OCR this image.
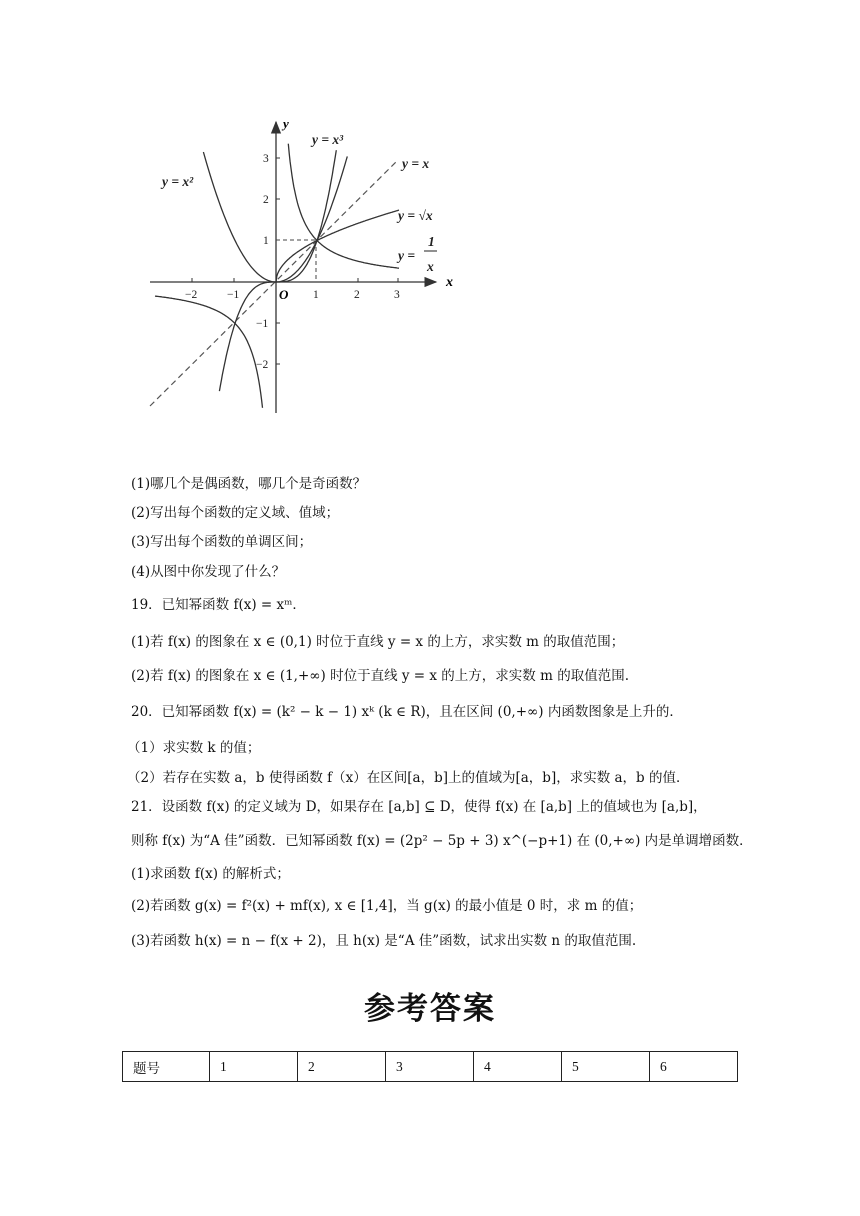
y
x
O
−2	−1	1	2	3
3
2
1
−1
−2
y = x²
y = x³
y = x
y = √x
y =
1
x
(1)哪几个是偶函数，哪几个是奇函数？
(2)写出每个函数的定义域、值域；
(3)写出每个函数的单调区间；
(4)从图中你发现了什么？
19．已知幂函数 f(x) = xᵐ．
(1)若 f(x) 的图象在 x ∈ (0,1) 时位于直线 y = x 的上方，求实数 m 的取值范围；
(2)若 f(x) 的图象在 x ∈ (1,+∞) 时位于直线 y = x 的上方，求实数 m 的取值范围.
20．已知幂函数 f(x) = (k² − k − 1) xᵏ (k ∈ R)，且在区间 (0,+∞) 内函数图象是上升的．
（1）求实数 k 的值；
（2）若存在实数 a，b 使得函数 f（x）在区间[a，b]上的值域为[a，b]，求实数 a，b 的值．
21．设函数 f(x) 的定义域为 D，如果存在 [a,b] ⊆ D，使得 f(x) 在 [a,b] 上的值域也为 [a,b]，
则称 f(x) 为“A 佳”函数．已知幂函数 f(x) = (2p² − 5p + 3) x^(−p+1) 在 (0,+∞) 内是单调增函数．
(1)求函数 f(x) 的解析式；
(2)若函数 g(x) = f²(x) + mf(x), x ∈ [1,4]，当 g(x) 的最小值是 0 时，求 m 的值；
(3)若函数 h(x) = n − f(x + 2)，且 h(x) 是“A 佳”函数，试求出实数 n 的取值范围.
参考答案
题号	1	2	3	4	5	6
